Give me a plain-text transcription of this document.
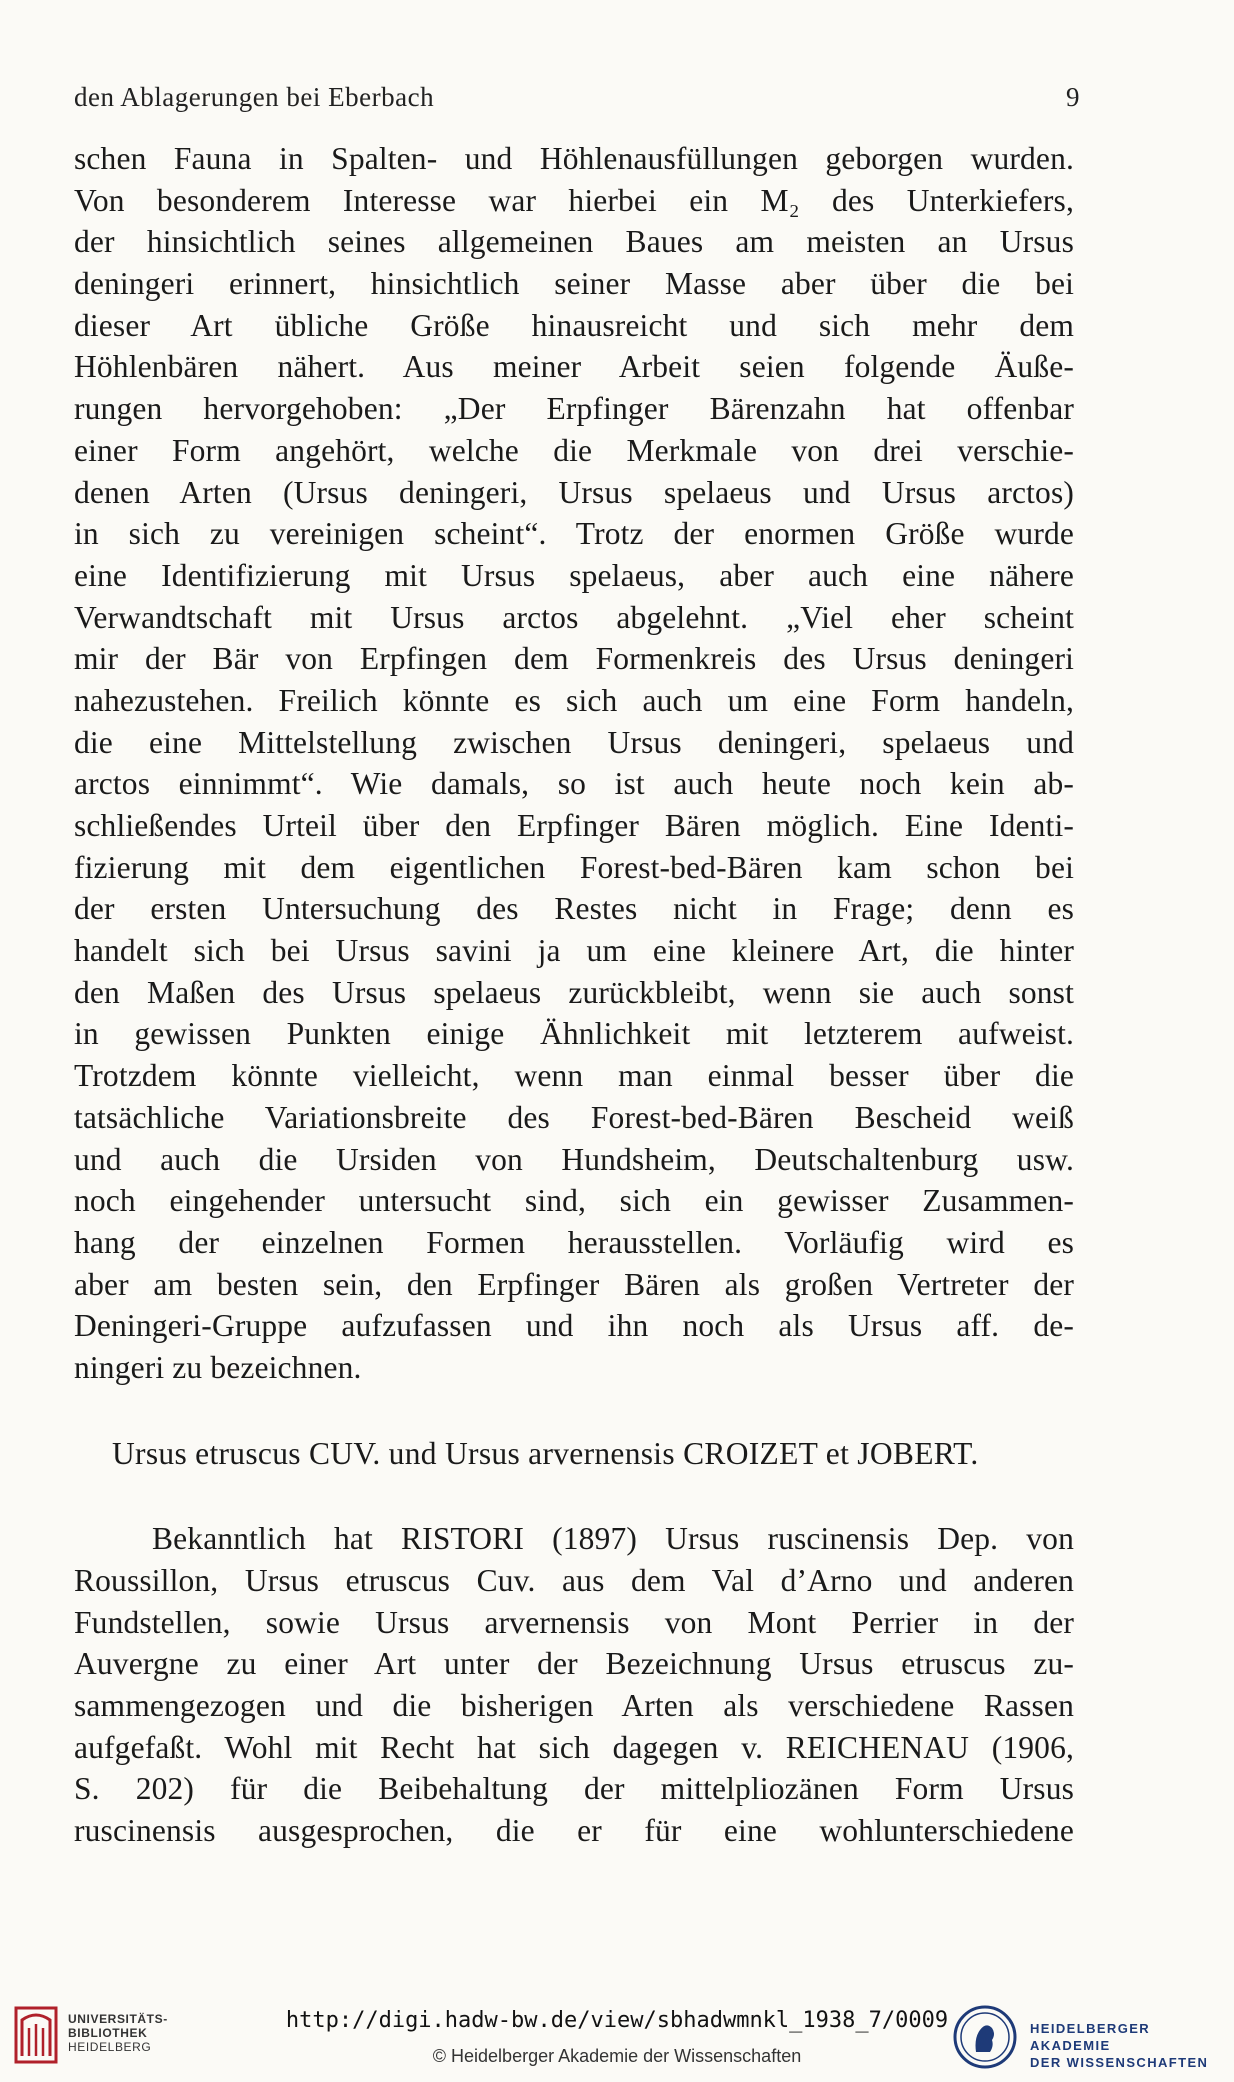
den Ablagerungen bei Eberbach	9
schen Fauna in Spalten- und Höhlenausfüllungen geborgen wurden.
Von besonderem Interesse war hierbei ein M₂ des Unterkiefers,
der hinsichtlich seines allgemeinen Baues am meisten an Ursus
deningeri erinnert, hinsichtlich seiner Masse aber über die bei
dieser Art übliche Größe hinausreicht und sich mehr dem
Höhlenbären nähert. Aus meiner Arbeit seien folgende Äuße-
rungen hervorgehoben: „Der Erpfinger Bärenzahn hat offenbar
einer Form angehört, welche die Merkmale von drei verschie-
denen Arten (Ursus deningeri, Ursus spelaeus und Ursus arctos)
in sich zu vereinigen scheint“. Trotz der enormen Größe wurde
eine Identifizierung mit Ursus spelaeus, aber auch eine nähere
Verwandtschaft mit Ursus arctos abgelehnt. „Viel eher scheint
mir der Bär von Erpfingen dem Formenkreis des Ursus deningeri
nahezustehen. Freilich könnte es sich auch um eine Form handeln,
die eine Mittelstellung zwischen Ursus deningeri, spelaeus und
arctos einnimmt“. Wie damals, so ist auch heute noch kein ab-
schließendes Urteil über den Erpfinger Bären möglich. Eine Identi-
fizierung mit dem eigentlichen Forest-bed-Bären kam schon bei
der ersten Untersuchung des Restes nicht in Frage; denn es
handelt sich bei Ursus savini ja um eine kleinere Art, die hinter
den Maßen des Ursus spelaeus zurückbleibt, wenn sie auch sonst
in gewissen Punkten einige Ähnlichkeit mit letzterem aufweist.
Trotzdem könnte vielleicht, wenn man einmal besser über die
tatsächliche Variationsbreite des Forest-bed-Bären Bescheid weiß
und auch die Ursiden von Hundsheim, Deutschaltenburg usw.
noch eingehender untersucht sind, sich ein gewisser Zusammen-
hang der einzelnen Formen herausstellen. Vorläufig wird es
aber am besten sein, den Erpfinger Bären als großen Vertreter der
Deningeri-Gruppe aufzufassen und ihn noch als Ursus aff. de-
ningeri zu bezeichnen.
Ursus etruscus CUV. und Ursus arvernensis CROIZET et JOBERT.
Bekanntlich hat RISTORI (1897) Ursus ruscinensis Dep. von
Roussillon, Ursus etruscus Cuv. aus dem Val d’Arno und anderen
Fundstellen, sowie Ursus arvernensis von Mont Perrier in der
Auvergne zu einer Art unter der Bezeichnung Ursus etruscus zu-
sammengezogen und die bisherigen Arten als verschiedene Rassen
aufgefaßt. Wohl mit Recht hat sich dagegen v. REICHENAU (1906,
S. 202) für die Beibehaltung der mittelpliozänen Form Ursus
ruscinensis ausgesprochen, die er für eine wohlunterschiedene
UNIVERSITÄTS-
BIBLIOTHEK
HEIDELBERG
http://digi.hadw-bw.de/view/sbhadwmnkl_1938_7/0009
© Heidelberger Akademie der Wissenschaften
HEIDELBERGER AKADEMIE
DER WISSENSCHAFTEN
